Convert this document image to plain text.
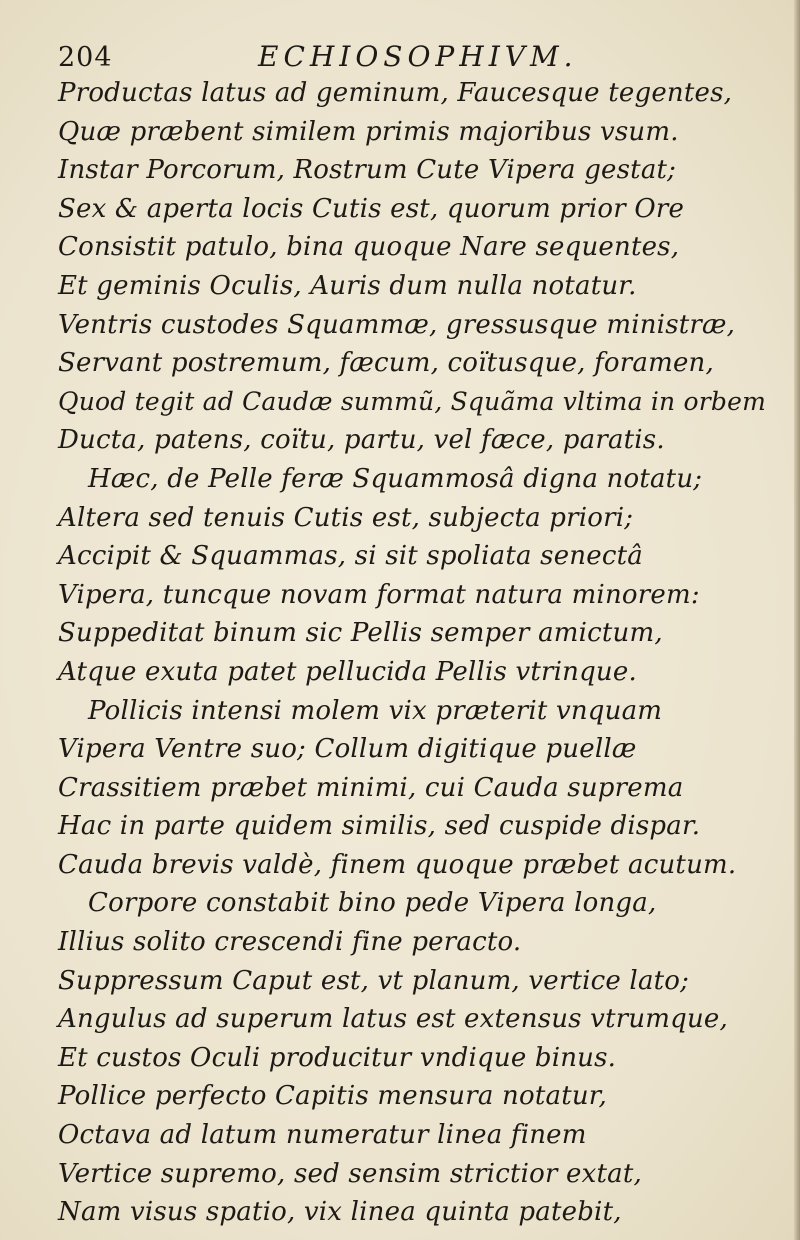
204	ECHIOSOPHIVM.
Productas latus ad geminum, Faucesque tegentes,
Quæ præbent similem primis majoribus vsum.
Instar Porcorum, Rostrum Cute Vipera gestat;
Sex & aperta locis Cutis est, quorum prior Ore
Consistit patulo, bina quoque Nare sequentes,
Et geminis Oculis, Auris dum nulla notatur.
Ventris custodes Squammæ, gressusque ministræ,
Servant postremum, fæcum, coïtusque, foramen,
Quod tegit ad Caudæ summũ, Squãma vltima in orbem
Ducta, patens, coïtu, partu, vel fæce, paratis.
Hæc, de Pelle feræ Squammosâ digna notatu;
Altera sed tenuis Cutis est, subjecta priori;
Accipit & Squammas, si sit spoliata senectâ
Vipera, tuncque novam format natura minorem:
Suppeditat binum sic Pellis semper amictum,
Atque exuta patet pellucida Pellis vtrinque.
Pollicis intensi molem vix præterit vnquam
Vipera Ventre suo; Collum digitique puellæ
Crassitiem præbet minimi, cui Cauda suprema
Hac in parte quidem similis, sed cuspide dispar.
Cauda brevis valdè, finem quoque præbet acutum.
Corpore constabit bino pede Vipera longa,
Illius solito crescendi fine peracto.
Suppressum Caput est, vt planum, vertice lato;
Angulus ad superum latus est extensus vtrumque,
Et custos Oculi producitur vndique binus.
Pollice perfecto Capitis mensura notatur,
Octava ad latum numeratur linea finem
Vertice supremo, sed sensim strictior extat,
Nam visus spatio, vix linea quinta patebit,
